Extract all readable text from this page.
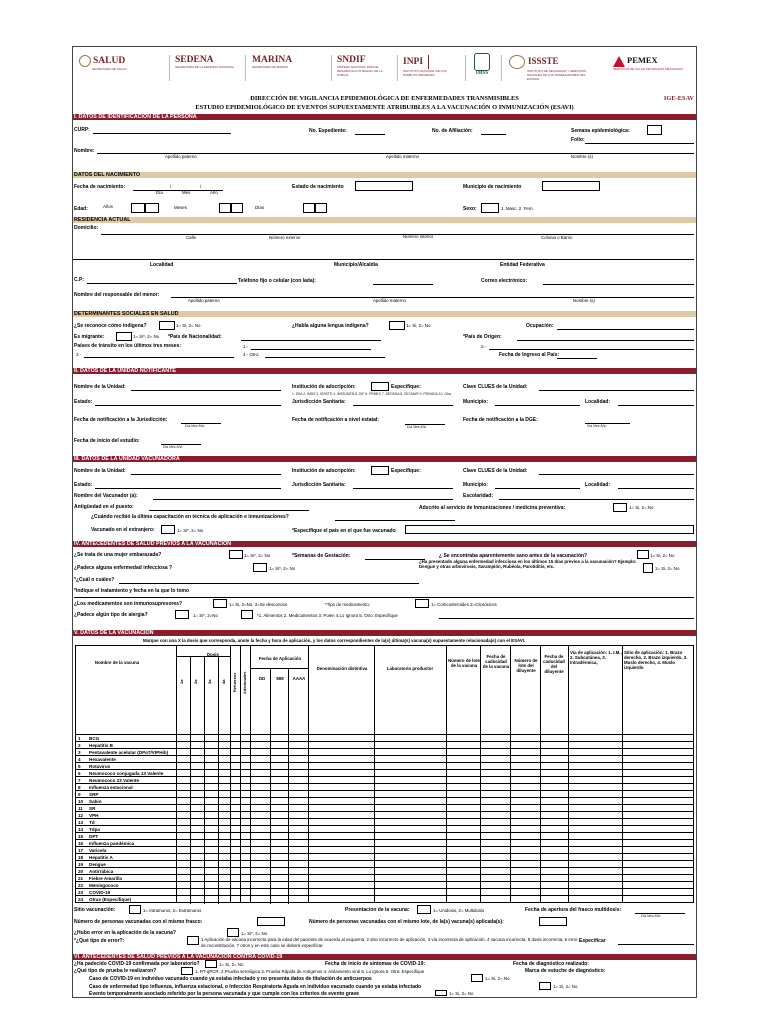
SALUD
SECRETARÍA DE SALUD
SEDENA
SECRETARÍA DE LA DEFENSA NACIONAL
MARINA
SECRETARÍA DE MARINA
SNDIF
SISTEMA NACIONAL PARA EL DESARROLLO INTEGRAL DE LA FAMILIA
INPI
INSTITUTO NACIONAL DE LOS PUEBLOS INDÍGENAS	IMSS
ISSSTE
INSTITUTO DE SEGURIDAD Y SERVICIOS SOCIALES DE LOS TRABAJADORES DEL ESTADO
PEMEX
SERVICIOS DE SALUD PETRÓLEOS MEXICANOS
DIRECCIÓN DE VIGILANCIA EPIDEMIOLÓGICA DE ENFERMEDADES TRANSMISIBLES
ESTUDIO EPIDEMIOLÓGICO DE EVENTOS SUPUESTAMENTE ATRIBUIBLES A LA VACUNACIÓN O INMUNIZACIÓN (ESAVI)
IGE-ESAV
I. DATOS DE IDENTIFICACIÓN DE LA PERSONA
CURP:	No. Expediente:	No. de Afiliación:	Semana epidemiológica:
Folio:
Nombre:
Apellido paterno	Apellido materno	Nombre (s)
DATOS DEL NACIMIENTO
Fecha de nacimiento:	/	/
Día	Mes	Año
Estado de nacimiento	Municipio de nacimiento
Edad:	Años	Meses	Días	Sexo:	1. Masc. 2. Fem.
RESIDENCIA ACTUAL
Domicilio:
Calle	Número exterior	Número interior	Colonia o Barrio
Localidad	Municipio/Alcaldía	Entidad Federativa
C.P:	Teléfono fijo o celular (con lada):	Correo electrónico:
Nombre del responsable del menor:
Apellido paterno	Apellido materno	Nombre (s)
DETERMINANTES SOCIALES EN SALUD
¿Se reconoce cómo indígena?	1= Si, 2= No	¿Habla alguna lengua indígena?	1= Si, 2= No	Ocupación:
Es migrante:	1= Si*, 2= No *País de Nacionalidad:	*País de Origen:
Países de tránsito en los últimos tres meses:	1.-	2.-
3.-	4.- Otro:	Fecha de Ingreso al País:
II. DATOS DE LA UNIDAD NOTIFICANTE
Nombre de la Unidad:	Institución de adscripción:	Especifique:
1. SSA 2. IMSS 3. ISSSTE 4. IMSS-BIEN 5. DIF 6. PEMEX 7. SEDENA 8. SECMAR 9. PRIVADA 10. Otra
Clave CLUES de la Unidad:
Estado:	Jurisdicción Sanitaria:	Municipio:	Localidad:
Fecha de notificación a la Jurisdicción:
Día Mes Año
Fecha de notificación a nivel estatal:
Día Mes Año
Fecha de notificación a la DGE:
Día Mes Año
Fecha de inicio del estudio:
Día Mes Año
III. DATOS DE LA UNIDAD VACUNADORA
Nombre de la Unidad:	Institución de adscripción:	Especifique:	Clave CLUES de la Unidad:
Estado:	Jurisdicción Sanitaria:	Municipio:	Localidad:
Nombre del Vacunador (a):	Escolaridad:
Antigüedad en el puesto:	Adscrito al servicio de Inmunizaciones / medicina preventiva:	1= Si, 2= No
¿Cuándo recibió la última capacitación en técnica de aplicación e inmunizaciones?
Vacunado en el extranjero:	1= Si*, 2= No	*Especifique el país en el que fue vacunado
IV. ANTECEDENTES DE SALUD PREVIOS A LA VACUNACIÓN
¿Se trata de una mujer embarazada?	1= Si*, 2= No	*Semanas de Gestación:	¿ Se encontraba aparentemente sano antes de la vacunación?	1= Si, 2= No
¿Padece alguna enfermedad infecciosa ?	1= Si*, 2= No
¿Ha presentado alguna enfermedad infecciosa en los últimos 15 días previos a la vacunación? Ejemplo: Dengue y otras arbovirosis, Sarampión, Rubéola, Parotiditis, etc.	1= Si, 2= No
*¿Cuál o cuáles?
*Indique el tratamiento y fecha en la que lo tomo
¿Los medicamentos son inmunosupresores?	1= Si, 2=No, 3=Se desconoce	*Tipo de medicamento:	1= Corticosteroides 2=Citotóxicos
¿Padece algún tipo de alergia?	1= Si*, 2=No	*1. Alimentos 2. Medicamentos 3. Polen 4.Lo Ignora 5. Otro: Especifique
V. DATOS DE LA VACUNACIÓN
Marque con una X la dosis que corresponda, anote la fecha y hora de aplicación, y los datos correspondientes de la(s) última(s) vacuna(s) supuestamente relacionada(s) con el ESAVI.
Nombre de la vacuna
Dosis
1a 2a 3a 4a Refuerzos Adicionales
Fecha de Aplicación
DD	MM	AAAA
Denominación distintiva	Laboratorio productor
Número de lote de la vacuna
Fecha de caducidad de la vacuna
Número de lote del diluyente
Fecha de caducidad del diluyente
Vía de aplicación: 1. I.M., 2. Subcutánea, 3. Intradérmica,
Sitio de aplicación: 1. Brazo derecho, 2. Brazo izquierdo, 3. Muslo derecho, 4. Muslo izquierdo
1	BCG
2	Hepatitis B
3	Pentavalente acelular (DPaT/VIPHib)
4	Hexavalente
5	Rotavirus
6	Neumococo conjugada 13 Valente
7	Neumococo 23 Valente
8	Influenza estacional
9	SRP
10	Sabin
11	SR
12	VPH
13	Td
14	Tdpa
15	DPT
16	Influenza pandémica
17	Varicela
18	Hepatitis A
19	Dengue
20	Antirrábica
21	Fiebre Amarilla
22	Meningococo
23	COVID-19
24	Otras (Especifique)
Sitio vacunación:	1= Intramuros, 2= Extramuros	Presentación de la vacuna:	1= Unidosis, 2= Multidosis	Fecha de apertura del frasco multidosis:
Día Mes Año
Número de personas vacunadas con el mismo frasco:	Número de personas vacunadas con el mismo lote, de la(s) vacuna(s) aplicada(s):
¿Hubo error en la aplicación de la vacuna?	1= Si*, 2= No
*¿Qué tipo de error?:	1 Aplicación de vacuna incorrecta para la edad del paciente de acuerdo al esquema, 2 sitio incorrecto de aplicación, 3 vía incorrecta de aplicación, 4 vacuna incorrecta, 5 dosis incorrecta, 6 error de reconstitución, 7 otros y en este caso se deberá especificar.
Especificar
VI. ANTECEDENTES DE SALUD PREVIOS A LA VACUNACIÓN CONTRA COVID-19
¿Ha padecido COVID-19 confirmada por laboratorio?	1= Si, 2= No	Fecha de inicio de síntomas de COVID-19:	Fecha de diagnóstico realizado:
¿Qué tipo de prueba le realizaron?	1. RT-qPCR. 2.Prueba serológica 3. Prueba Rápida de Antígenos 4. Aislamiento viral 5. Lo ignora 6. Otra: Especifique	Marca de estuche de diagnóstico:
Caso de COVID-19 en individuo vacunado cuando ya estaba infectado y no presenta datos de titulación de anticuerpos	1= Si, 2= No
Caso de enfermedad tipo influenza, influenza estacional, o Infección Respiratoria Aguda en individuo vacunado cuando ya estaba infectado	1= Si, 2= No
Evento temporalmente asociado referido por la persona vacunada y que cumple con los criterios de evento grave	1= Si, 2= No
